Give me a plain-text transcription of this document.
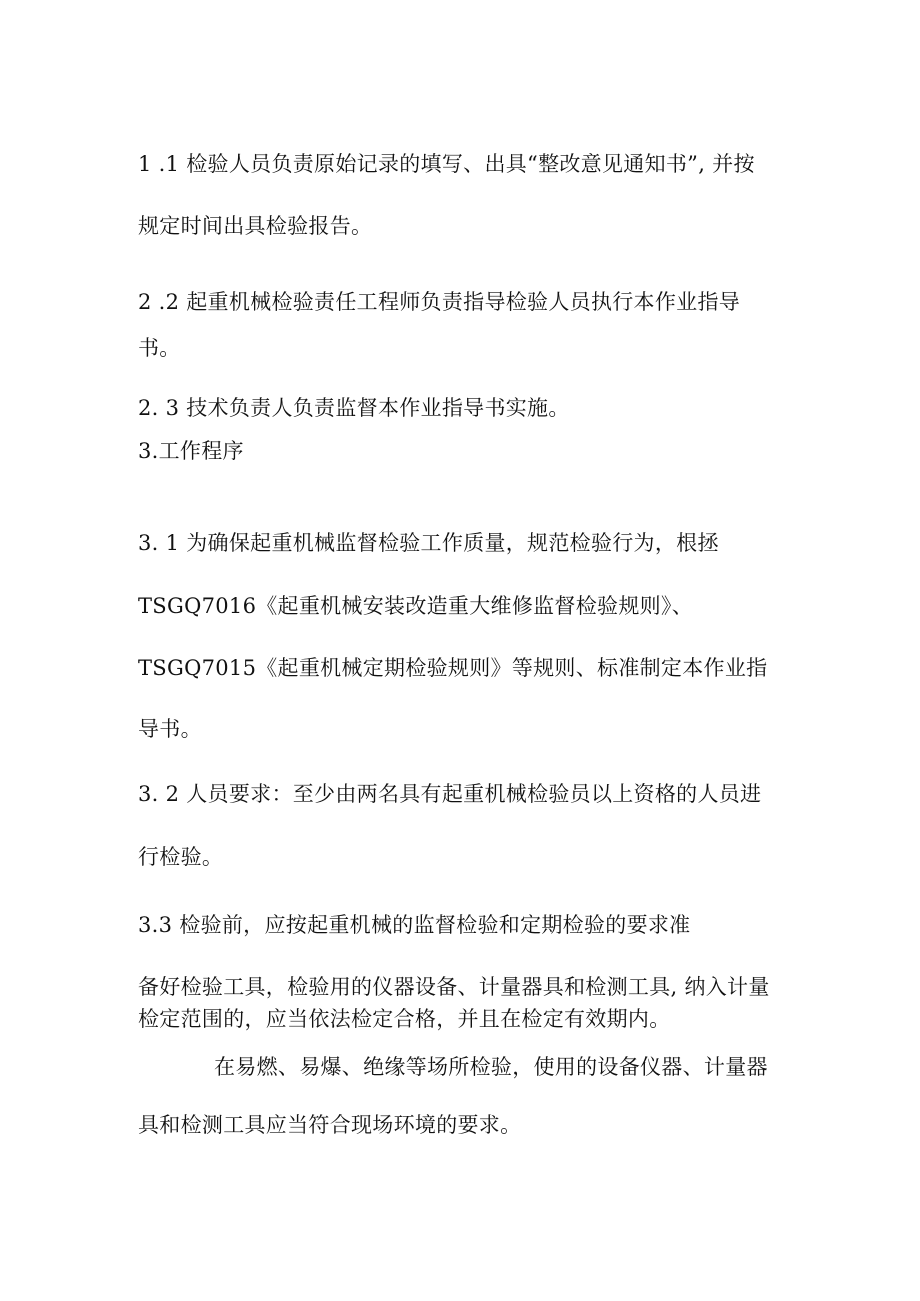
1 .1 检验人员负责原始记录的填写、出具“整改意见通知书”, 并按
规定时间出具检验报告。
2 .2 起重机械检验责任工程师负责指导检验人员执行本作业指导
书。
2. 3 技术负责人负责监督本作业指导书实施。
3.工作程序
3. 1 为确保起重机械监督检验工作质量，规范检验行为，根拯
TSGQ7016《起重机械安装改造重大维修监督检验规则》、
TSGQ7015《起重机械定期检验规则》等规则、标准制定本作业指
导书。
3. 2 人员要求：至少由两名具有起重机械检验员以上资格的人员进
行检验。
3.3 检验前，应按起重机械的监督检验和定期检验的要求准
备好检验工具，检验用的仪器设备、计量器具和检测工具, 纳入计量
检定范围的，应当依法检定合格，并且在检定有效期内。
在易燃、易爆、绝缘等场所检验，使用的设备仪器、计量器
具和检测工具应当符合现场环境的要求。
